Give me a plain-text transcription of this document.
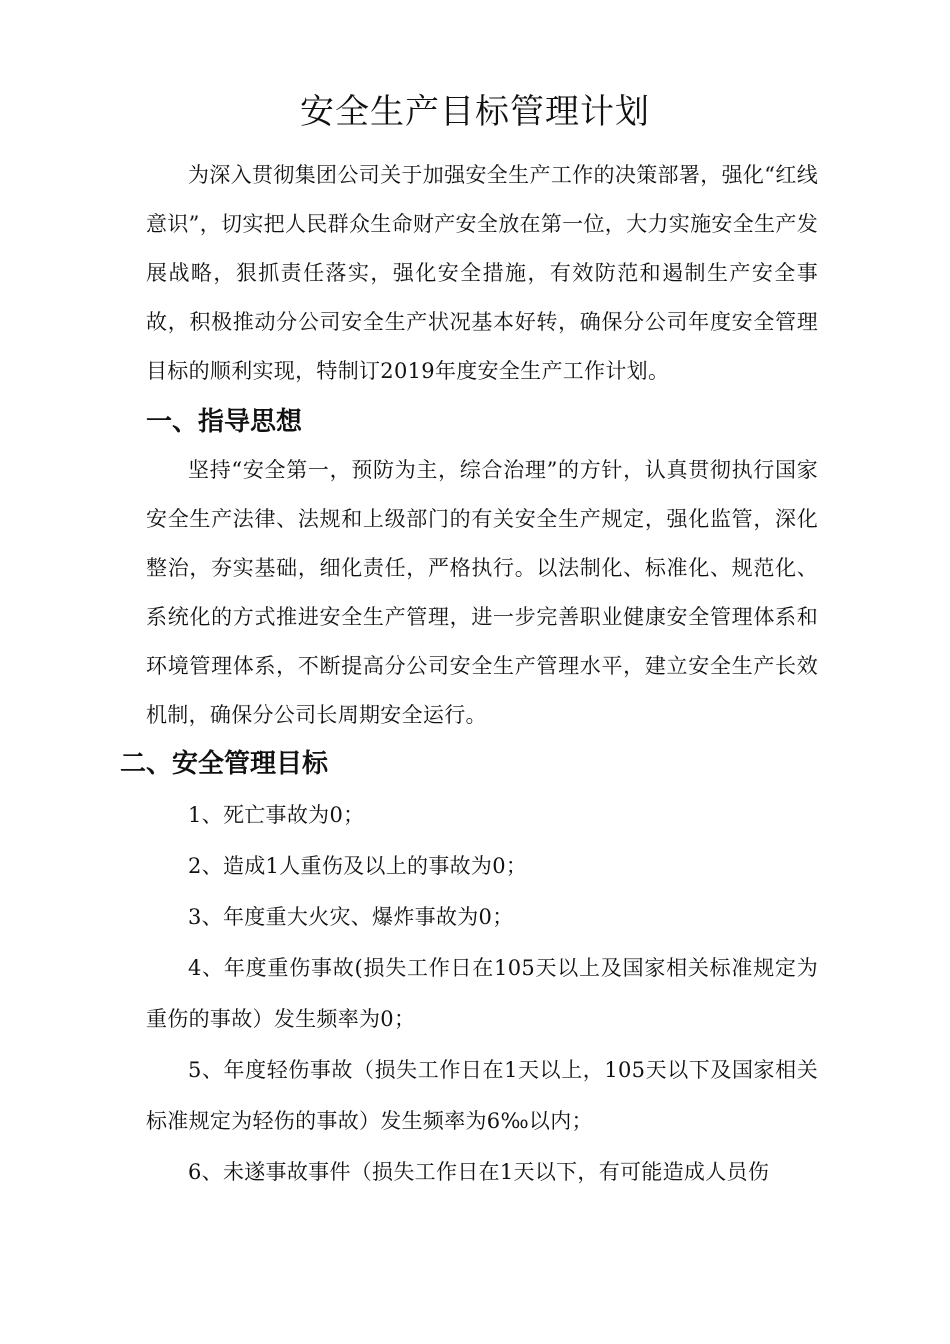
安全生产目标管理计划

为深入贯彻集团公司关于加强安全生产工作的决策部署，强化“红线意识”，切实把人民群众生命财产安全放在第一位，大力实施安全生产发展战略，狠抓责任落实，强化安全措施，有效防范和遏制生产安全事故，积极推动分公司安全生产状况基本好转，确保分公司年度安全管理目标的顺利实现，特制订2019年度安全生产工作计划。

一、指导思想

坚持“安全第一，预防为主，综合治理”的方针，认真贯彻执行国家安全生产法律、法规和上级部门的有关安全生产规定，强化监管，深化整治，夯实基础，细化责任，严格执行。以法制化、标准化、规范化、系统化的方式推进安全生产管理，进一步完善职业健康安全管理体系和环境管理体系，不断提高分公司安全生产管理水平，建立安全生产长效机制，确保分公司长周期安全运行。

二、安全管理目标

1、死亡事故为0；

2、造成1人重伤及以上的事故为0；

3、年度重大火灾、爆炸事故为0；

4、年度重伤事故(损失工作日在105天以上及国家相关标准规定为重伤的事故）发生频率为0；

5、年度轻伤事故（损失工作日在1天以上，105天以下及国家相关标准规定为轻伤的事故）发生频率为6‰以内；

6、未遂事故事件（损失工作日在1天以下，有可能造成人员伤
